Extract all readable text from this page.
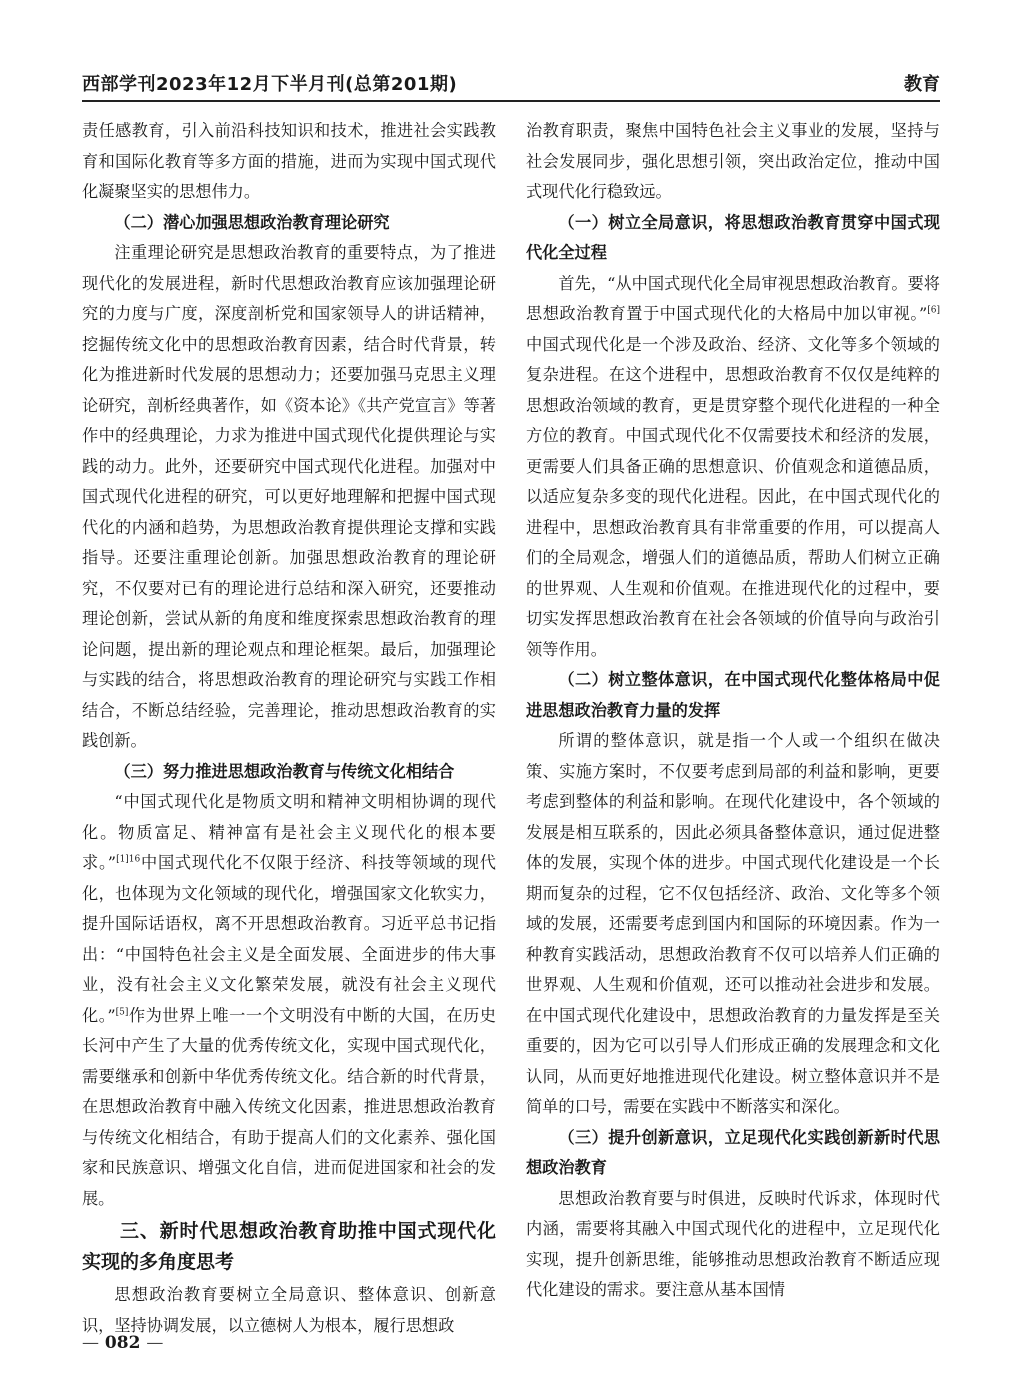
西部学刊2023年12月下半月刊(总第201期)	教育

责任感教育，引入前沿科技知识和技术，推进社会实践教育和国际化教育等多方面的措施，进而为实现中国式现代化凝聚坚实的思想伟力。

（二）潜心加强思想政治教育理论研究

注重理论研究是思想政治教育的重要特点，为了推进现代化的发展进程，新时代思想政治教育应该加强理论研究的力度与广度，深度剖析党和国家领导人的讲话精神，挖掘传统文化中的思想政治教育因素，结合时代背景，转化为推进新时代发展的思想动力；还要加强马克思主义理论研究，剖析经典著作，如《资本论》《共产党宣言》等著作中的经典理论，力求为推进中国式现代化提供理论与实践的动力。此外，还要研究中国式现代化进程。加强对中国式现代化进程的研究，可以更好地理解和把握中国式现代化的内涵和趋势，为思想政治教育提供理论支撑和实践指导。还要注重理论创新。加强思想政治教育的理论研究，不仅要对已有的理论进行总结和深入研究，还要推动理论创新，尝试从新的角度和维度探索思想政治教育的理论问题，提出新的理论观点和理论框架。最后，加强理论与实践的结合，将思想政治教育的理论研究与实践工作相结合，不断总结经验，完善理论，推动思想政治教育的实践创新。

（三）努力推进思想政治教育与传统文化相结合

“中国式现代化是物质文明和精神文明相协调的现代化。物质富足、精神富有是社会主义现代化的根本要求。”$^{[1]16}$中国式现代化不仅限于经济、科技等领域的现代化，也体现为文化领域的现代化，增强国家文化软实力，提升国际话语权，离不开思想政治教育。习近平总书记指出：“中国特色社会主义是全面发展、全面进步的伟大事业，没有社会主义文化繁荣发展，就没有社会主义现代化。”[5]作为世界上唯一一个文明没有中断的大国，在历史长河中产生了大量的优秀传统文化，实现中国式现代化，需要继承和创新中华优秀传统文化。结合新的时代背景，在思想政治教育中融入传统文化因素，推进思想政治教育与传统文化相结合，有助于提高人们的文化素养、强化国家和民族意识、增强文化自信，进而促进国家和社会的发展。

三、新时代思想政治教育助推中国式现代化实现的多角度思考

思想政治教育要树立全局意识、整体意识、创新意识，坚持协调发展，以立德树人为根本，履行思想政

治教育职责，聚焦中国特色社会主义事业的发展，坚持与社会发展同步，强化思想引领，突出政治定位，推动中国式现代化行稳致远。

（一）树立全局意识，将思想政治教育贯穿中国式现代化全过程

首先，“从中国式现代化全局审视思想政治教育。要将思想政治教育置于中国式现代化的大格局中加以审视。”[6]中国式现代化是一个涉及政治、经济、文化等多个领域的复杂进程。在这个进程中，思想政治教育不仅仅是纯粹的思想政治领域的教育，更是贯穿整个现代化进程的一种全方位的教育。中国式现代化不仅需要技术和经济的发展，更需要人们具备正确的思想意识、价值观念和道德品质，以适应复杂多变的现代化进程。因此，在中国式现代化的进程中，思想政治教育具有非常重要的作用，可以提高人们的全局观念，增强人们的道德品质，帮助人们树立正确的世界观、人生观和价值观。在推进现代化的过程中，要切实发挥思想政治教育在社会各领域的价值导向与政治引领等作用。

（二）树立整体意识，在中国式现代化整体格局中促进思想政治教育力量的发挥

所谓的整体意识，就是指一个人或一个组织在做决策、实施方案时，不仅要考虑到局部的利益和影响，更要考虑到整体的利益和影响。在现代化建设中，各个领域的发展是相互联系的，因此必须具备整体意识，通过促进整体的发展，实现个体的进步。中国式现代化建设是一个长期而复杂的过程，它不仅包括经济、政治、文化等多个领域的发展，还需要考虑到国内和国际的环境因素。作为一种教育实践活动，思想政治教育不仅可以培养人们正确的世界观、人生观和价值观，还可以推动社会进步和发展。在中国式现代化建设中，思想政治教育的力量发挥是至关重要的，因为它可以引导人们形成正确的发展理念和文化认同，从而更好地推进现代化建设。树立整体意识并不是简单的口号，需要在实践中不断落实和深化。

（三）提升创新意识，立足现代化实践创新新时代思想政治教育

思想政治教育要与时俱进，反映时代诉求，体现时代内涵，需要将其融入中国式现代化的进程中，立足现代化实现，提升创新思维，能够推动思想政治教育不断适应现代化建设的需求。要注意从基本国情

— 082 —
